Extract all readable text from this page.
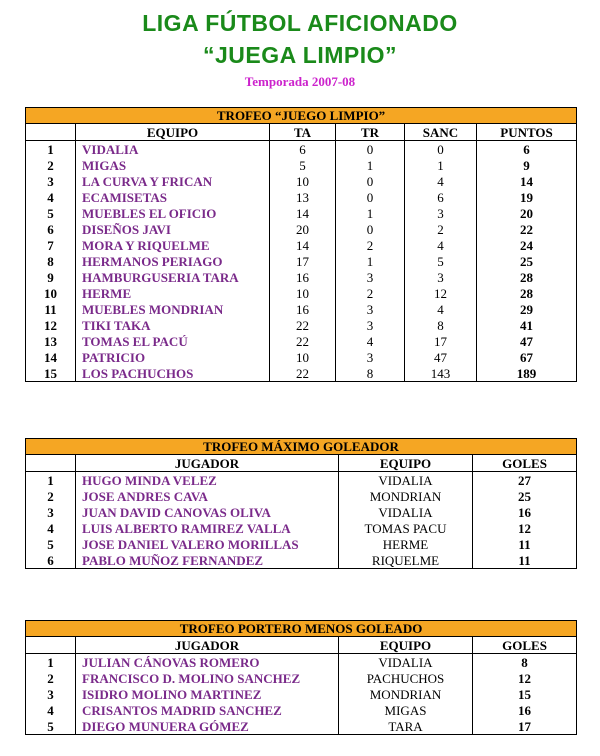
LIGA FÚTBOL AFICIONADO
“JUEGA LIMPIO”
Temporada 2007-08
TROFEO “JUEGO LIMPIO”					
	EQUIPO	TA	TR	SANC	PUNTOS
1	VIDALIA	6	0	0	6
2	MIGAS	5	1	1	9
3	LA CURVA Y FRICAN	10	0	4	14
4	ECAMISETAS	13	0	6	19
5	MUEBLES EL OFICIO	14	1	3	20
6	DISEÑOS JAVI	20	0	2	22
7	MORA Y RIQUELME	14	2	4	24
8	HERMANOS PERIAGO	17	1	5	25
9	HAMBURGUSERIA TARA	16	3	3	28
10	HERME	10	2	12	28
11	MUEBLES MONDRIAN	16	3	4	29
12	TIKI TAKA	22	3	8	41
13	TOMAS EL PACÚ	22	4	17	47
14	PATRICIO	10	3	47	67
15	LOS PACHUCHOS	22	8	143	189
TROFEO MÁXIMO GOLEADOR			
	JUGADOR	EQUIPO	GOLES
1	HUGO MINDA VELEZ	VIDALIA	27
2	JOSE ANDRES CAVA	MONDRIAN	25
3	JUAN DAVID CANOVAS OLIVA	VIDALIA	16
4	LUIS ALBERTO RAMIREZ VALLA	TOMAS PACU	12
5	JOSE DANIEL VALERO MORILLAS	HERME	11
6	PABLO MUÑOZ FERNANDEZ	RIQUELME	11
TROFEO PORTERO MENOS GOLEADO			
	JUGADOR	EQUIPO	GOLES
1	JULIAN CÁNOVAS ROMERO	VIDALIA	8
2	FRANCISCO D. MOLINO SANCHEZ	PACHUCHOS	12
3	ISIDRO MOLINO MARTINEZ	MONDRIAN	15
4	CRISANTOS MADRID SANCHEZ	MIGAS	16
5	DIEGO MUNUERA GÓMEZ	TARA	17
